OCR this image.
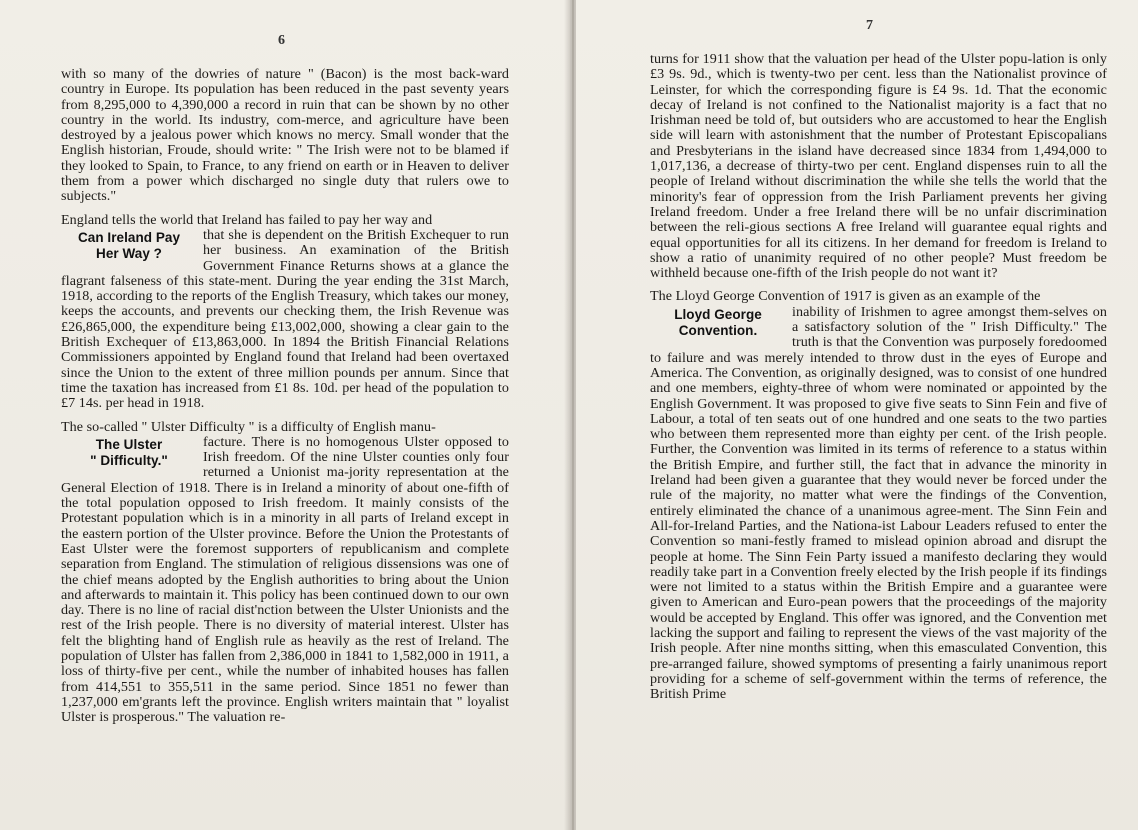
6

with so many of the dowries of nature " (Bacon) is the most back-ward country in Europe. Its population has been reduced in the past seventy years from 8,295,000 to 4,390,000 a record in ruin that can be shown by no other country in the world. Its industry, com-merce, and agriculture have been destroyed by a jealous power which knows no mercy. Small wonder that the English historian, Froude, should write: " The Irish were not to be blamed if they looked to Spain, to France, to any friend on earth or in Heaven to deliver them from a power which discharged no single duty that rulers owe to subjects."

England tells the world that Ireland has failed to pay her way and
Can Ireland Pay
Her Way ?
that she is dependent on the British Exchequer to run her business. An examination of the British Government Finance Returns shows at a glance the flagrant falseness of this state-ment. During the year ending the 31st March, 1918, according to the reports of the English Treasury, which takes our money, keeps the accounts, and prevents our checking them, the Irish Revenue was £26,865,000, the expenditure being £13,002,000, showing a clear gain to the British Exchequer of £13,863,000. In 1894 the British Financial Relations Commissioners appointed by England found that Ireland had been overtaxed since the Union to the extent of three million pounds per annum. Since that time the taxation has increased from £1 8s. 10d. per head of the population to £7 14s. per head in 1918.
The so-called " Ulster Difficulty " is a difficulty of English manu-
The Ulster
" Difficulty."
facture. There is no homogenous Ulster opposed to Irish freedom. Of the nine Ulster counties only four returned a Unionist ma-jority representation at the General Election of 1918. There is in Ireland a minority of about one-fifth of the total population opposed to Irish freedom. It mainly consists of the Protestant population which is in a minority in all parts of Ireland except in the eastern portion of the Ulster province. Before the Union the Protestants of East Ulster were the foremost supporters of republicanism and complete separation from England. The stimulation of religious dissensions was one of the chief means adopted by the English authorities to bring about the Union and afterwards to maintain it. This policy has been continued down to our own day. There is no line of racial dist'nction between the Ulster Unionists and the rest of the Irish people. There is no diversity of material interest. Ulster has felt the blighting hand of English rule as heavily as the rest of Ireland. The population of Ulster has fallen from 2,386,000 in 1841 to 1,582,000 in 1911, a loss of thirty-five per cent., while the number of inhabited houses has fallen from 414,551 to 355,511 in the same period. Since 1851 no fewer than 1,237,000 em'grants left the province. English writers maintain that " loyalist Ulster is prosperous." The valuation re-
7

turns for 1911 show that the valuation per head of the Ulster popu-lation is only £3 9s. 9d., which is twenty-two per cent. less than the Nationalist province of Leinster, for which the corresponding figure is £4 9s. 1d. That the economic decay of Ireland is not confined to the Nationalist majority is a fact that no Irishman need be told of, but outsiders who are accustomed to hear the English side will learn with astonishment that the number of Protestant Episcopalians and Presbyterians in the island have decreased since 1834 from 1,494,000 to 1,017,136, a decrease of thirty-two per cent. England dispenses ruin to all the people of Ireland without discrimination the while she tells the world that the minority's fear of oppression from the Irish Parliament prevents her giving Ireland freedom. Under a free Ireland there will be no unfair discrimination between the reli-gious sections A free Ireland will guarantee equal rights and equal opportunities for all its citizens. In her demand for freedom is Ireland to show a ratio of unanimity required of no other people? Must freedom be withheld because one-fifth of the Irish people do not want it?

The Lloyd George Convention of 1917 is given as an example of the
Lloyd George
Convention.
inability of Irishmen to agree amongst them-selves on a satisfactory solution of the " Irish Difficulty." The truth is that the Convention was purposely foredoomed to failure and was merely intended to throw dust in the eyes of Europe and America. The Convention, as originally designed, was to consist of one hundred and one members, eighty-three of whom were nominated or appointed by the English Government. It was proposed to give five seats to Sinn Fein and five of Labour, a total of ten seats out of one hundred and one seats to the two parties who between them represented more than eighty per cent. of the Irish people. Further, the Convention was limited in its terms of reference to a status within the British Empire, and further still, the fact that in advance the minority in Ireland had been given a guarantee that they would never be forced under the rule of the majority, no matter what were the findings of the Convention, entirely eliminated the chance of a unanimous agree-ment. The Sinn Fein and All-for-Ireland Parties, and the Nationa-ist Labour Leaders refused to enter the Convention so mani-festly framed to mislead opinion abroad and disrupt the people at home. The Sinn Fein Party issued a manifesto declaring they would readily take part in a Convention freely elected by the Irish people if its findings were not limited to a status within the British Empire and a guarantee were given to American and Euro-pean powers that the proceedings of the majority would be accepted by England. This offer was ignored, and the Convention met lacking the support and failing to represent the views of the vast majority of the Irish people. After nine months sitting, when this emasculated Convention, this pre-arranged failure, showed symptoms of presenting a fairly unanimous report providing for a scheme of self-government within the terms of reference, the British Prime
